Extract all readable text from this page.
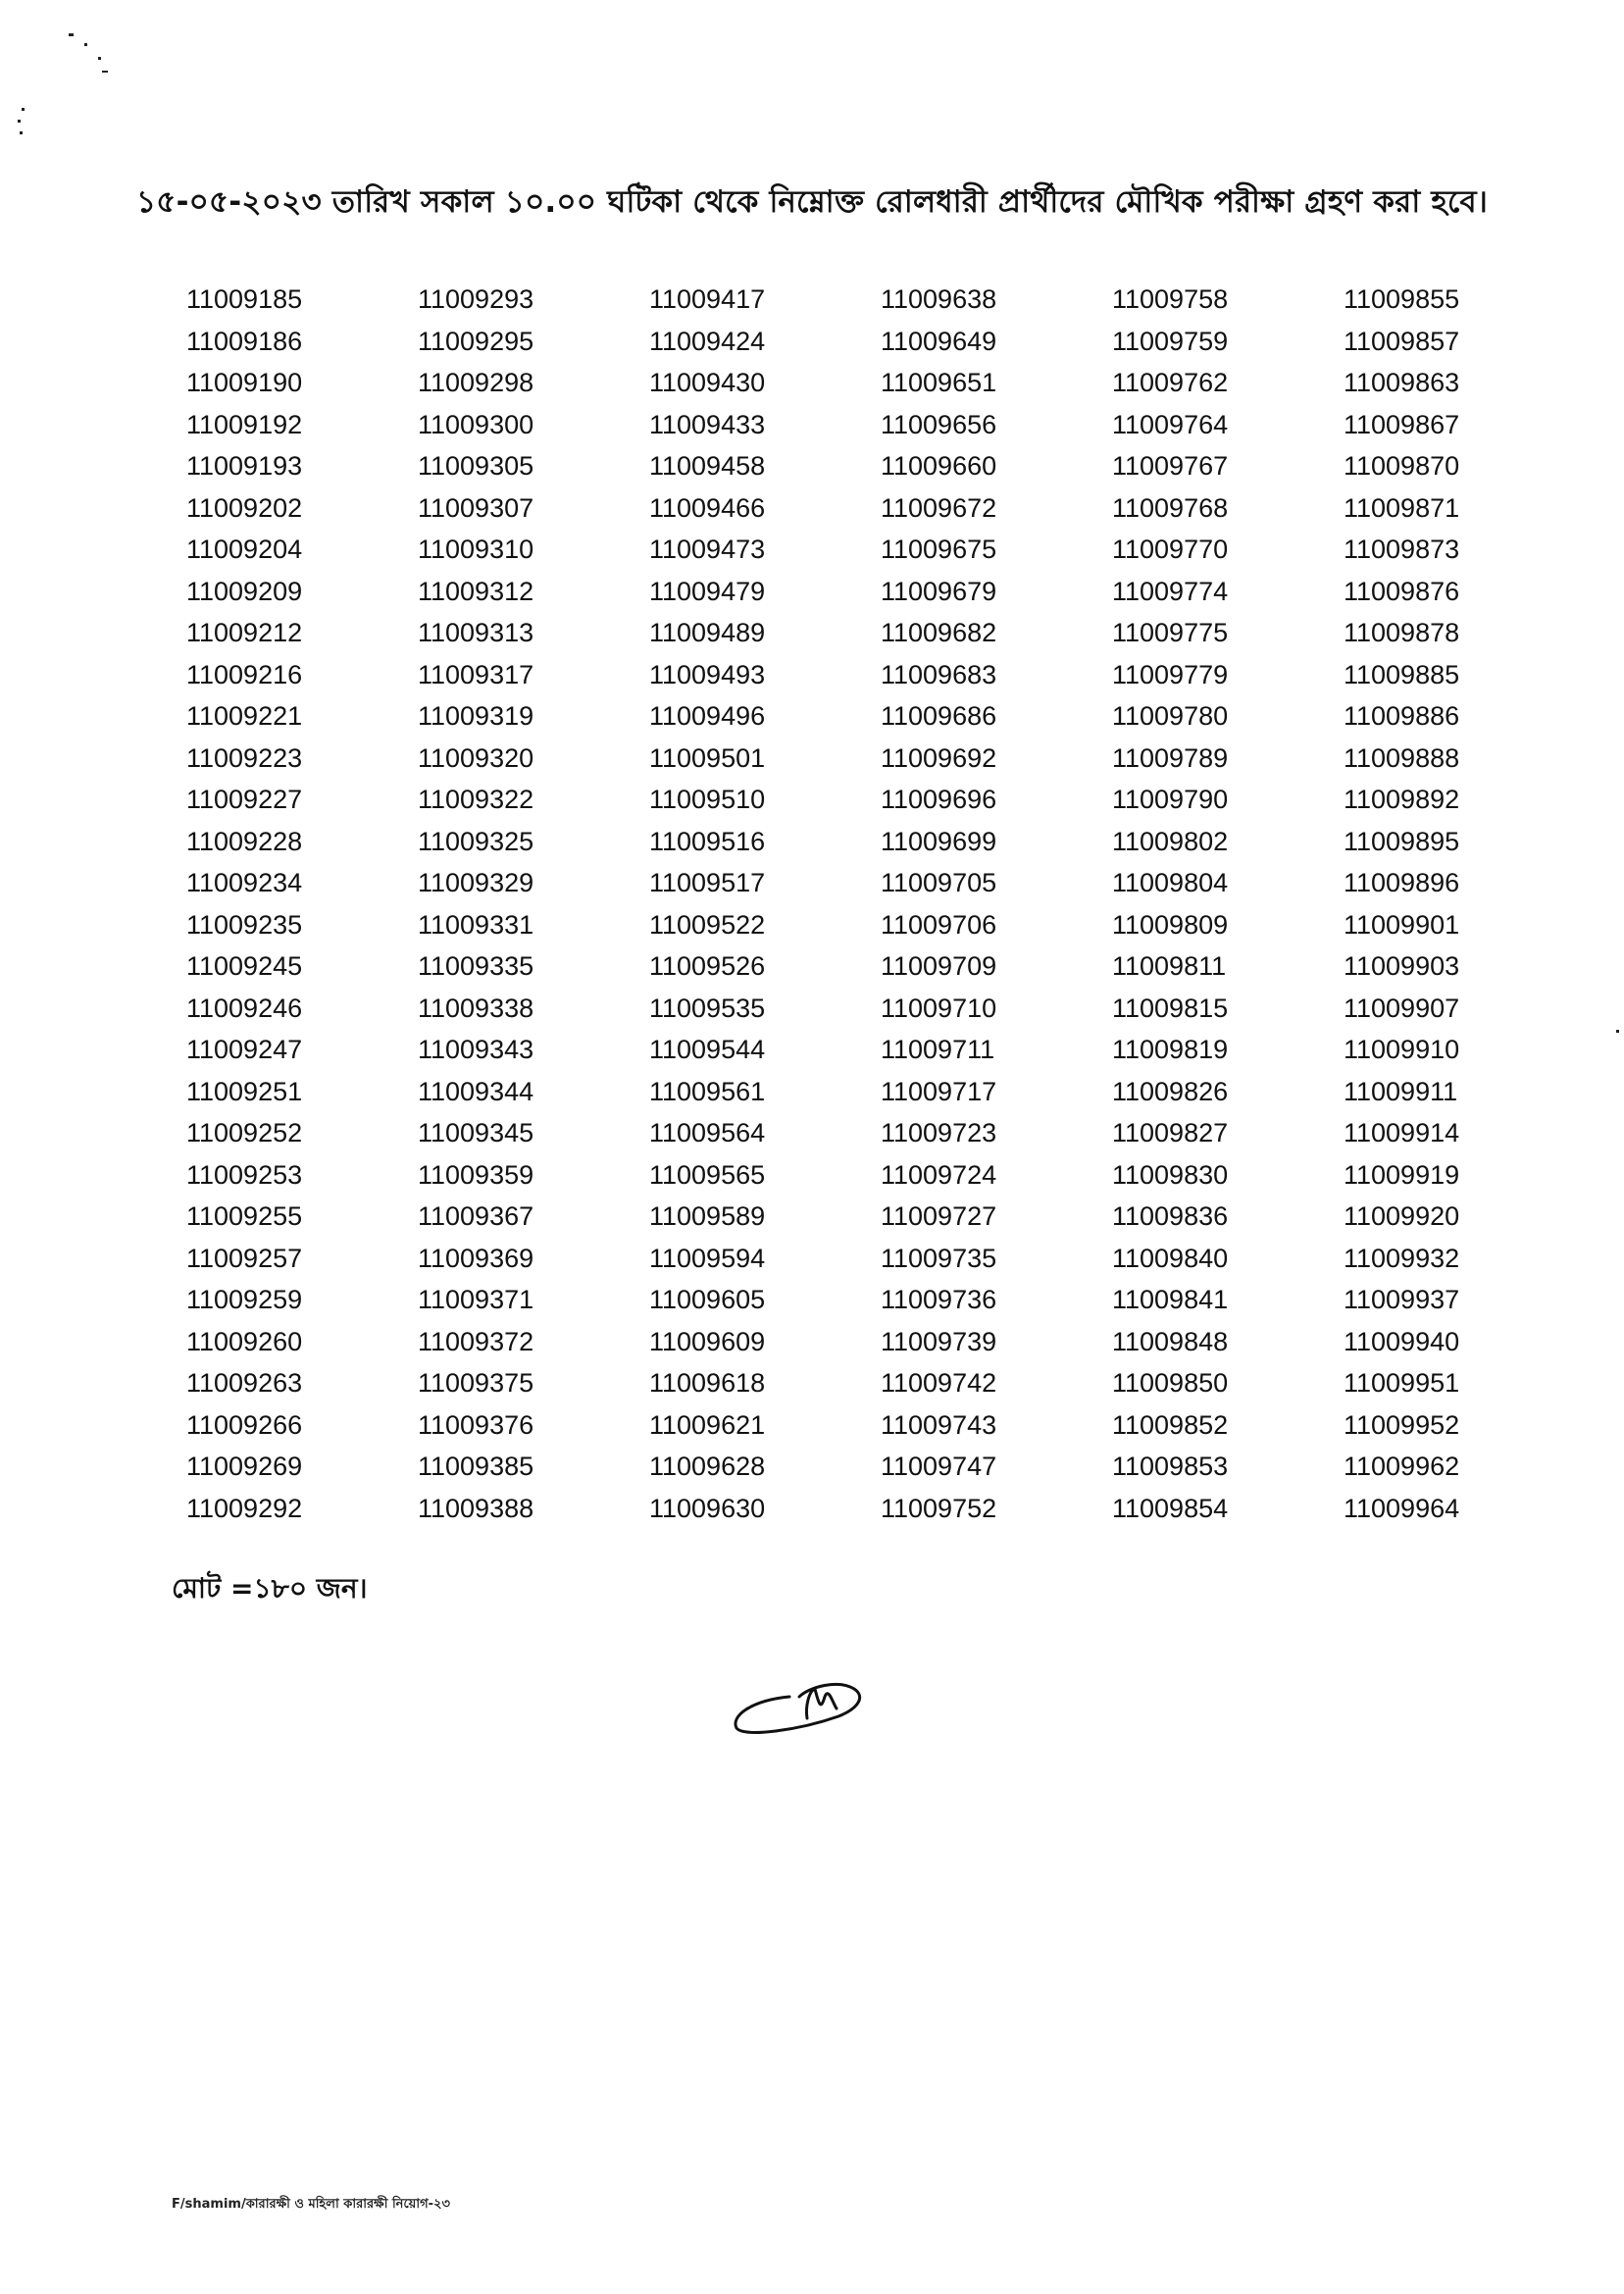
১৫-০৫-২০২৩ তারিখ সকাল ১০.০০ ঘটিকা থেকে নিম্নোক্ত রোলধারী প্রার্থীদের মৌখিক পরীক্ষা গ্রহণ করা হবে।
11009185
11009186
11009190
11009192
11009193
11009202
11009204
11009209
11009212
11009216
11009221
11009223
11009227
11009228
11009234
11009235
11009245
11009246
11009247
11009251
11009252
11009253
11009255
11009257
11009259
11009260
11009263
11009266
11009269
11009292
11009293
11009295
11009298
11009300
11009305
11009307
11009310
11009312
11009313
11009317
11009319
11009320
11009322
11009325
11009329
11009331
11009335
11009338
11009343
11009344
11009345
11009359
11009367
11009369
11009371
11009372
11009375
11009376
11009385
11009388
11009417
11009424
11009430
11009433
11009458
11009466
11009473
11009479
11009489
11009493
11009496
11009501
11009510
11009516
11009517
11009522
11009526
11009535
11009544
11009561
11009564
11009565
11009589
11009594
11009605
11009609
11009618
11009621
11009628
11009630
11009638
11009649
11009651
11009656
11009660
11009672
11009675
11009679
11009682
11009683
11009686
11009692
11009696
11009699
11009705
11009706
11009709
11009710
11009711
11009717
11009723
11009724
11009727
11009735
11009736
11009739
11009742
11009743
11009747
11009752
11009758
11009759
11009762
11009764
11009767
11009768
11009770
11009774
11009775
11009779
11009780
11009789
11009790
11009802
11009804
11009809
11009811
11009815
11009819
11009826
11009827
11009830
11009836
11009840
11009841
11009848
11009850
11009852
11009853
11009854
11009855
11009857
11009863
11009867
11009870
11009871
11009873
11009876
11009878
11009885
11009886
11009888
11009892
11009895
11009896
11009901
11009903
11009907
11009910
11009911
11009914
11009919
11009920
11009932
11009937
11009940
11009951
11009952
11009962
11009964
মোট =১৮০ জন।
F/shamim/কারারক্ষী ও মহিলা কারারক্ষী নিয়োগ-২৩
